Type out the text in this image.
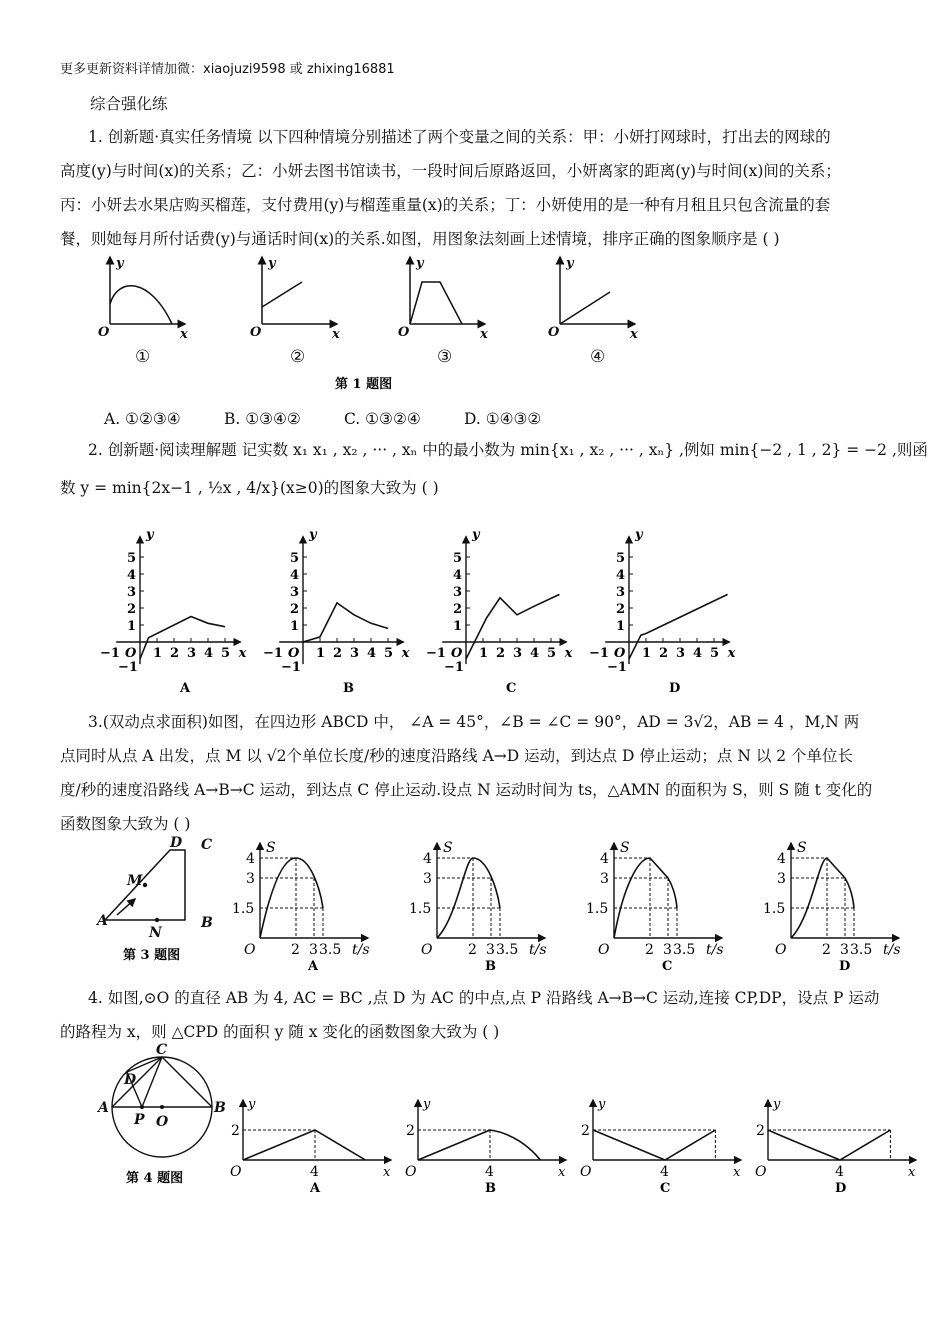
更多更新资料详情加微：xiaojuzi9598 或 zhixing16881
综合强化练
1. 创新题·真实任务情境 以下四种情境分别描述了两个变量之间的关系：甲：小妍打网球时，打出去的网球的
高度(y)与时间(x)的关系；乙：小妍去图书馆读书，一段时间后原路返回，小妍离家的距离(y)与时间(x)间的关系；
丙：小妍去水果店购买榴莲，支付费用(y)与榴莲重量(x)的关系；丁：小妍使用的是一种有月租且只包含流量的套
餐，则她每月所付话费(y)与通话时间(x)的关系.如图，用图象法刻画上述情境，排序正确的图象顺序是 ( )
y
O	x
y
O	x
y
O	x
y
O	x
①	②	③	④
第 1 题图
A. ①②③④	B. ①③④②	C. ①③②④	D. ①④③②
2. 创新题·阅读理解题 记实数 x₁ x₁ , x₂ , ··· , xₙ 中的最小数为 min{x₁ , x₂ , ··· , xₙ} ,例如 min{−2 , 1 , 2} = −2 ,则函
数 y = min{2x−1 , ½x , 4/x}(x≥0)的图象大致为 ( )
1 2 3 4 5
5
4
3
2
1
−1 O
−1
y
x
A
1 2 3 4 5
5
4
3
2
1
−1 O
−1
y
x
B
1 2 3 4 5
5
4
3
2
1
−1 O
−1
y
x
C
1 2 3 4 5
5
4
3
2
1
−1 O
−1
y
x
D
3.(双动点求面积)如图，在四边形 ABCD 中， ∠A = 45°，∠B = ∠C = 90°，AD = 3√2，AB = 4 ，M,N 两
点同时从点 A 出发，点 M 以 √2个单位长度/秒的速度沿路线 A→D 运动，到达点 D 停止运动；点 N 以 2 个单位长
度/秒的速度沿路线 A→B→C 运动，到达点 C 停止运动.设点 N 运动时间为 ts，△AMN 的面积为 S，则 S 随 t 变化的
函数图象大致为 ( )
D C
M
A
N
B
第 3 题图
4
3
1.5
O	2 3 3.5
S
t/s
A
4
3
1.5
O	2 3 3.5
S
t/s
B
4
3
1.5
O	2 3 3.5
S
t/s
C
4
3
1.5
O	2 3 3.5
S
t/s
D
4. 如图,⊙O 的直径 AB 为 4, AC = BC ,点 D 为 AC 的中点,点 P 沿路线 A→B→C 运动,连接 CP,DP，设点 P 运动
的路程为 x，则 △CPD 的面积 y 随 x 变化的函数图象大致为 ( )
C
D
A
P O
B
第 4 题图
2
4
O
y
x
A
2
4
O
y
x
B
2
4
O
y
x
C
2
4
O
y
x
D
